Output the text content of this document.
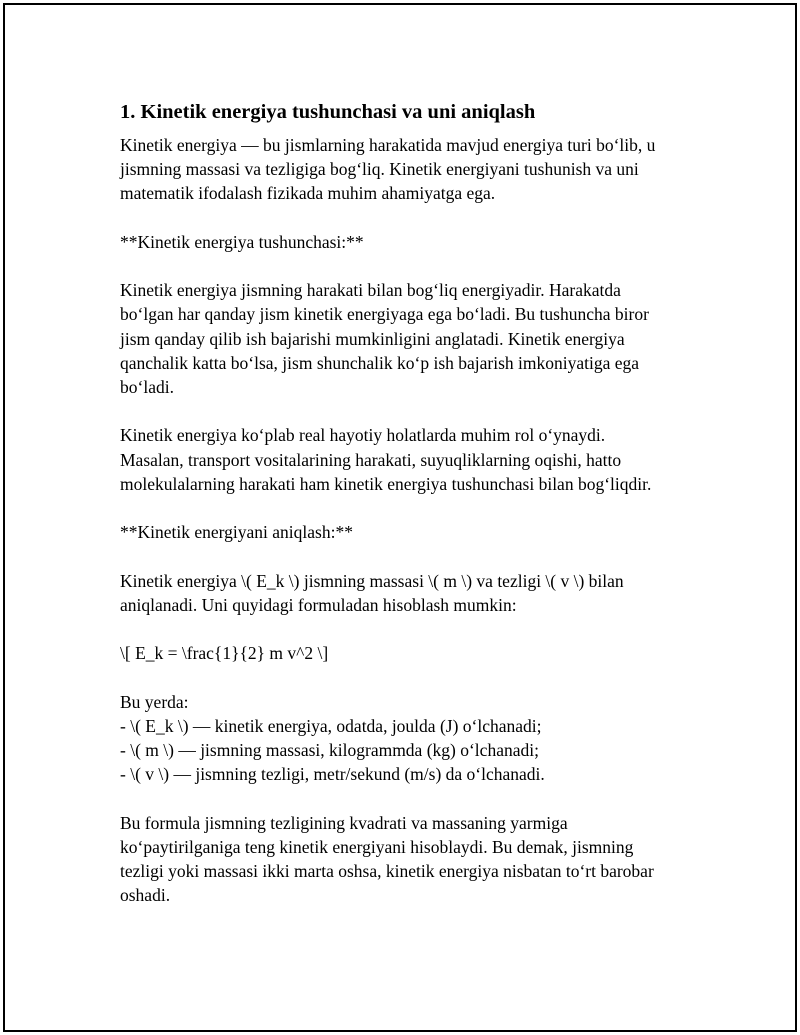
1. Kinetik energiya tushunchasi va uni aniqlash

Kinetik energiya — bu jismlarning harakatida mavjud energiya turi bo‘lib, u
jismning massasi va tezligiga bog‘liq. Kinetik energiyani tushunish va uni
matematik ifodalash fizikada muhim ahamiyatga ega.

**Kinetik energiya tushunchasi:**

Kinetik energiya jismning harakati bilan bog‘liq energiyadir. Harakatda
bo‘lgan har qanday jism kinetik energiyaga ega bo‘ladi. Bu tushuncha biror
jism qanday qilib ish bajarishi mumkinligini anglatadi. Kinetik energiya
qanchalik katta bo‘lsa, jism shunchalik ko‘p ish bajarish imkoniyatiga ega
bo‘ladi.

Kinetik energiya ko‘plab real hayotiy holatlarda muhim rol o‘ynaydi.
Masalan, transport vositalarining harakati, suyuqliklarning oqishi, hatto
molekulalarning harakati ham kinetik energiya tushunchasi bilan bog‘liqdir.

**Kinetik energiyani aniqlash:**

Kinetik energiya \( E_k \) jismning massasi \( m \) va tezligi \( v \) bilan
aniqlanadi. Uni quyidagi formuladan hisoblash mumkin:

\[ E_k = \frac{1}{2} m v^2 \]

Bu yerda:
- \( E_k \) — kinetik energiya, odatda, joulda (J) o‘lchanadi;
- \( m \) — jismning massasi, kilogrammda (kg) o‘lchanadi;
- \( v \) — jismning tezligi, metr/sekund (m/s) da o‘lchanadi.

Bu formula jismning tezligining kvadrati va massaning yarmiga
ko‘paytirilganiga teng kinetik energiyani hisoblaydi. Bu demak, jismning
tezligi yoki massasi ikki marta oshsa, kinetik energiya nisbatan to‘rt barobar
oshadi.
